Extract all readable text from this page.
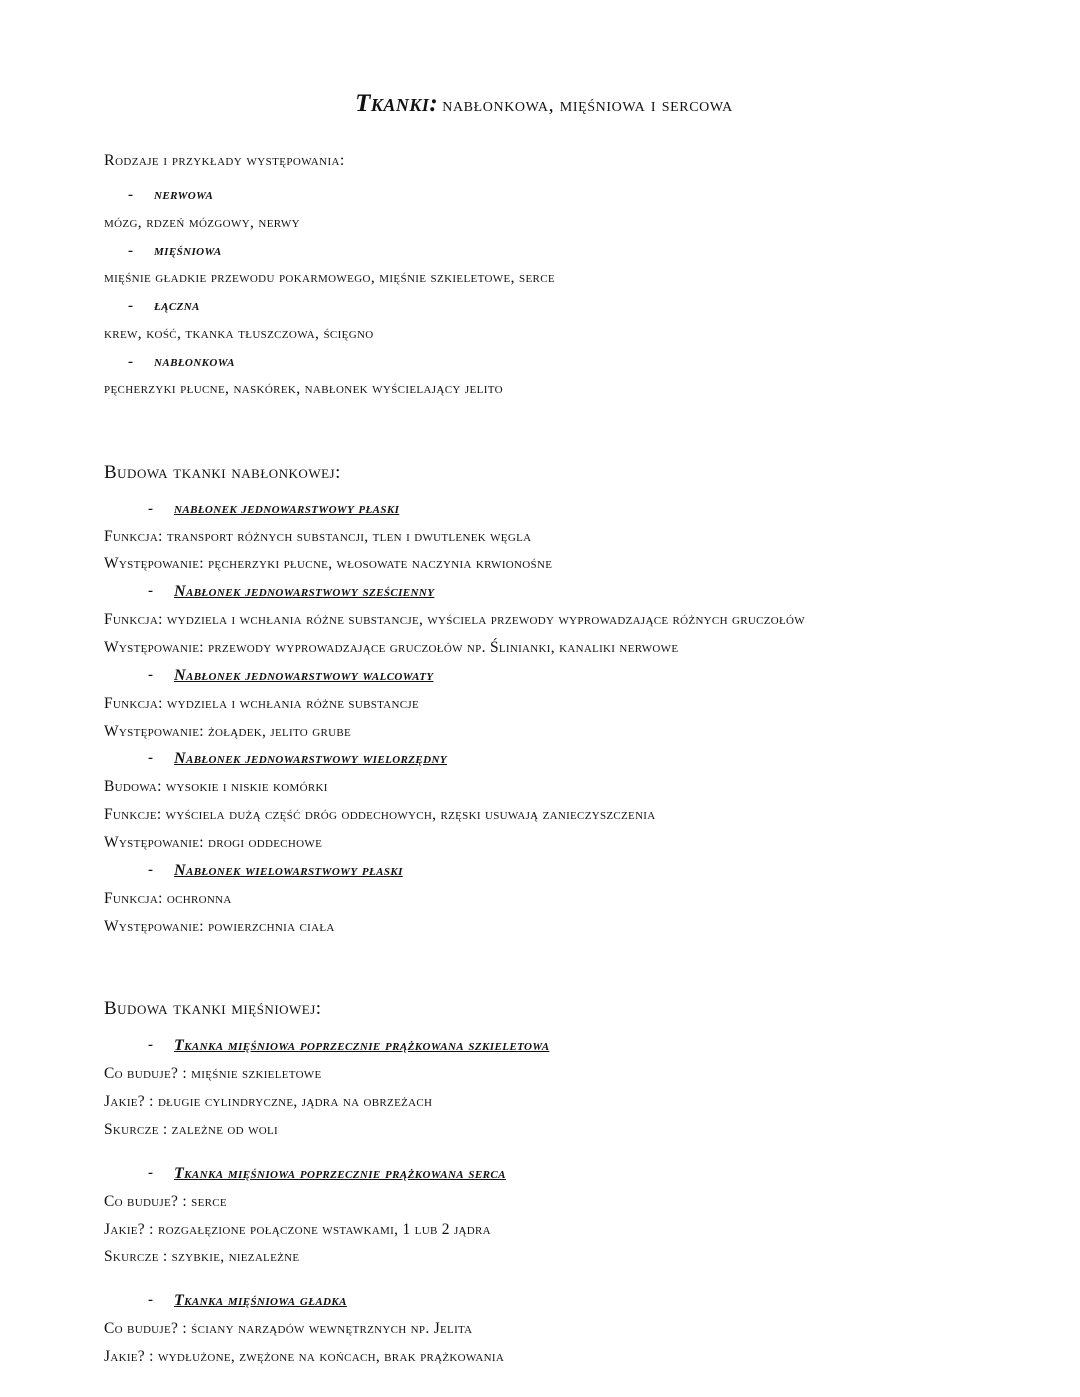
Tkanki: nabłonkowa, mięśniowa i sercowa

Rodzaje i przykłady występowania:

-	nerwowa

mózg, rdzeń mózgowy, nerwy

-	mięśniowa

mięśnie gładkie przewodu pokarmowego, mięśnie szkieletowe, serce

-	łączna

krew, kość, tkanka tłuszczowa, ścięgno

-	nabłonkowa

pęcherzyki płucne, naskórek, nabłonek wyścielający jelito

Budowa tkanki nabłonkowej:

-	nabłonek jednowarstwowy płaski

Funkcja: transport różnych substancji, tlen i dwutlenek węgla

Występowanie: pęcherzyki płucne, włosowate naczynia krwionośne

-	Nabłonek jednowarstwowy sześcienny

Funkcja: wydziela i wchłania różne substancje, wyściela przewody wyprowadzające różnych gruczołów

Występowanie: przewody wyprowadzające gruczołów np. Ślinianki, kanaliki nerwowe

-	Nabłonek jednowarstwowy walcowaty

Funkcja: wydziela i wchłania różne substancje

Występowanie: żołądek, jelito grube

-	Nabłonek jednowarstwowy wielorzędny

Budowa: wysokie i niskie komórki

Funkcje: wyściela dużą część dróg oddechowych, rzęski usuwają zanieczyszczenia

Występowanie: drogi oddechowe

-	Nabłonek wielowarstwowy płaski

Funkcja: ochronna

Występowanie: powierzchnia ciała

Budowa tkanki mięśniowej:

-	Tkanka mięśniowa poprzecznie prążkowana szkieletowa

Co buduje? : mięśnie szkieletowe

Jakie? : długie cylindryczne, jądra na obrzeżach

Skurcze : zależne od woli

-	Tkanka mięśniowa poprzecznie prążkowana serca

Co buduje? : serce

Jakie? : rozgałęzione połączone wstawkami, 1 lub 2 jądra

Skurcze : szybkie, niezależne

-	Tkanka mięśniowa gładka

Co buduje? : ściany narządów wewnętrznych np. Jelita

Jakie? : wydłużone, zwężone na końcach, brak prążkowania
